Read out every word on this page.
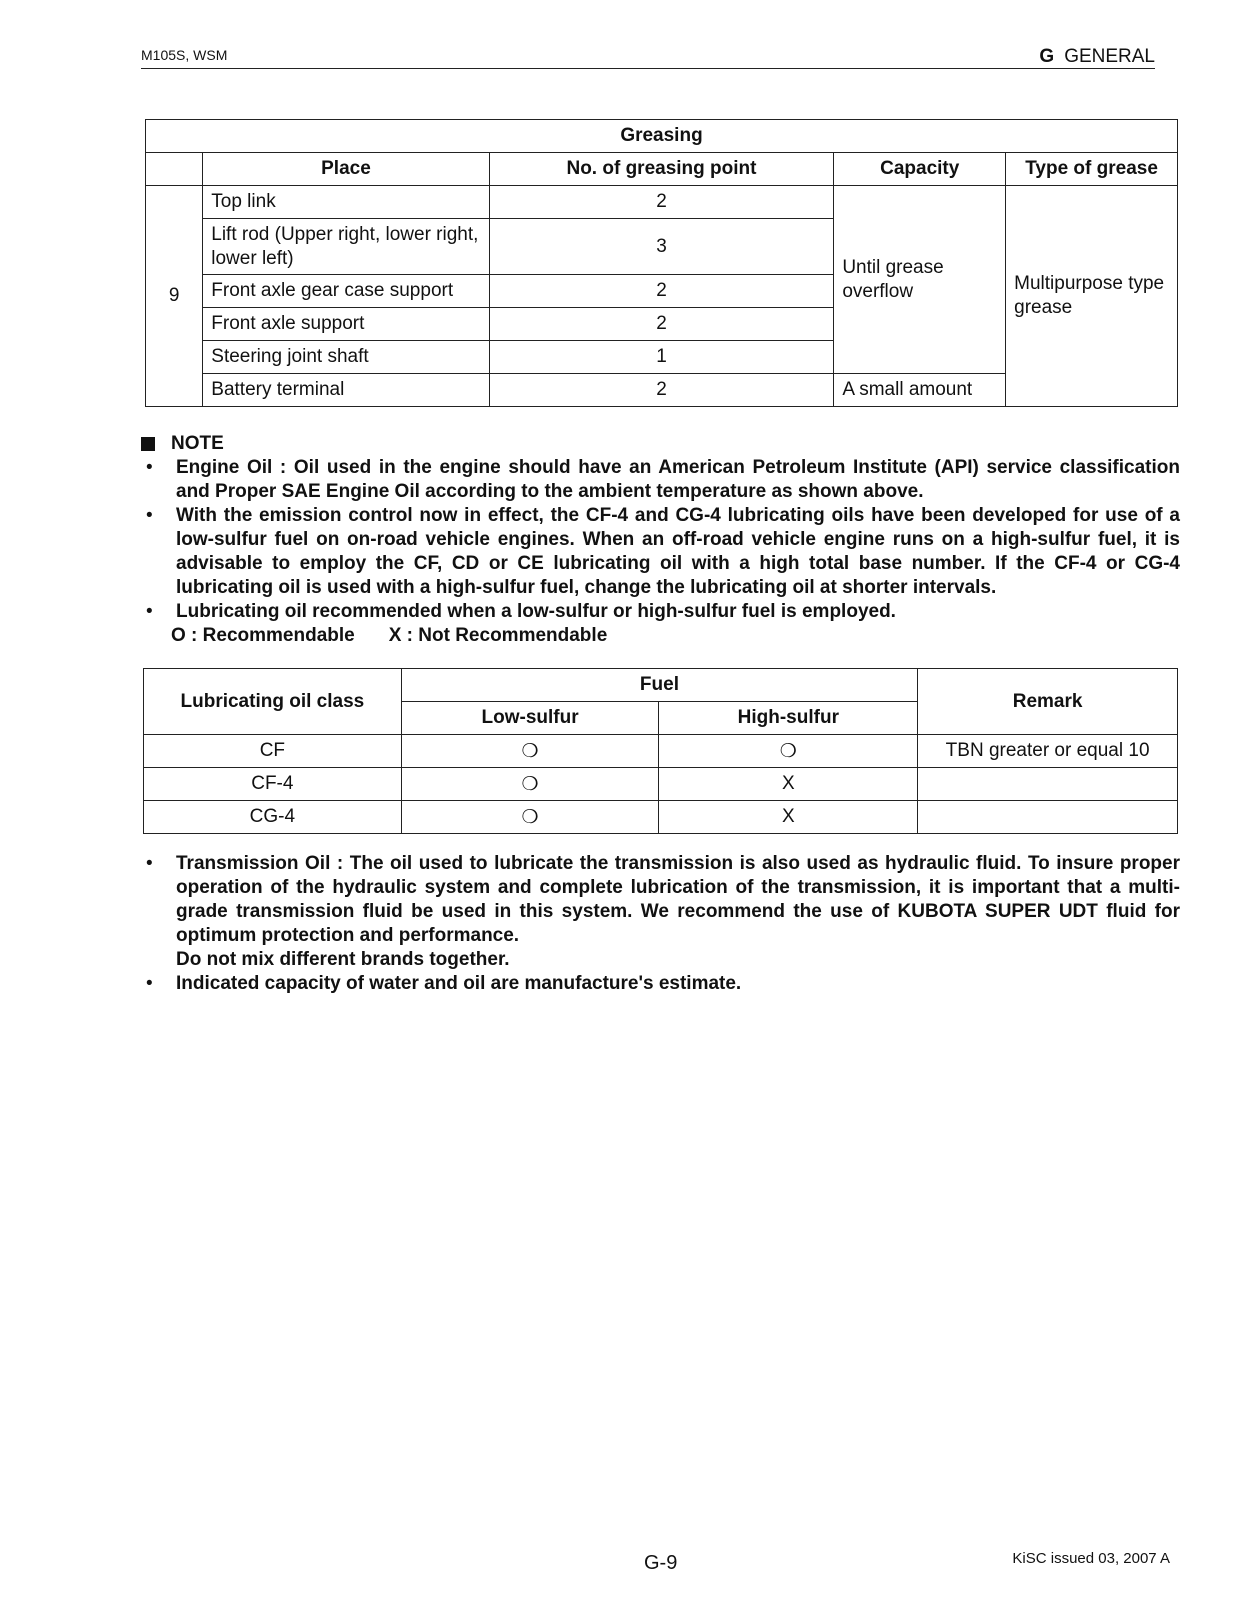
M105S, WSM	G GENERAL
Greasing				
	Place	No. of greasing point	Capacity	Type of grease
9	Top link	2	Until grease overflow	Multipurpose type grease
	Lift rod (Upper right, lower right, lower left)	3		
	Front axle gear case support	2		
	Front axle support	2		
	Steering joint shaft	1		
	Battery terminal	2	A small amount	
NOTE
•	Engine Oil : Oil used in the engine should have an American Petroleum Institute (API) service classification and Proper SAE Engine Oil according to the ambient temperature as shown above.
•	With the emission control now in effect, the CF-4 and CG-4 lubricating oils have been developed for use of a low-sulfur fuel on on-road vehicle engines. When an off-road vehicle engine runs on a high-sulfur fuel, it is advisable to employ the CF, CD or CE lubricating oil with a high total base number. If the CF-4 or CG-4 lubricating oil is used with a high-sulfur fuel, change the lubricating oil at shorter intervals.
•	Lubricating oil recommended when a low-sulfur or high-sulfur fuel is employed.
O : Recommendable X : Not Recommendable
Lubricating oil class	Fuel		Remark
	Low-sulfur	High-sulfur	
CF	❍	❍	TBN greater or equal 10
CF-4	❍	X	
CG-4	❍	X	
•	Transmission Oil : The oil used to lubricate the transmission is also used as hydraulic fluid. To insure proper operation of the hydraulic system and complete lubrication of the transmission, it is important that a multi-grade transmission fluid be used in this system. We recommend the use of KUBOTA SUPER UDT fluid for optimum protection and performance.
Do not mix different brands together.
•	Indicated capacity of water and oil are manufacture's estimate.
G-9	KiSC issued 03, 2007 A
